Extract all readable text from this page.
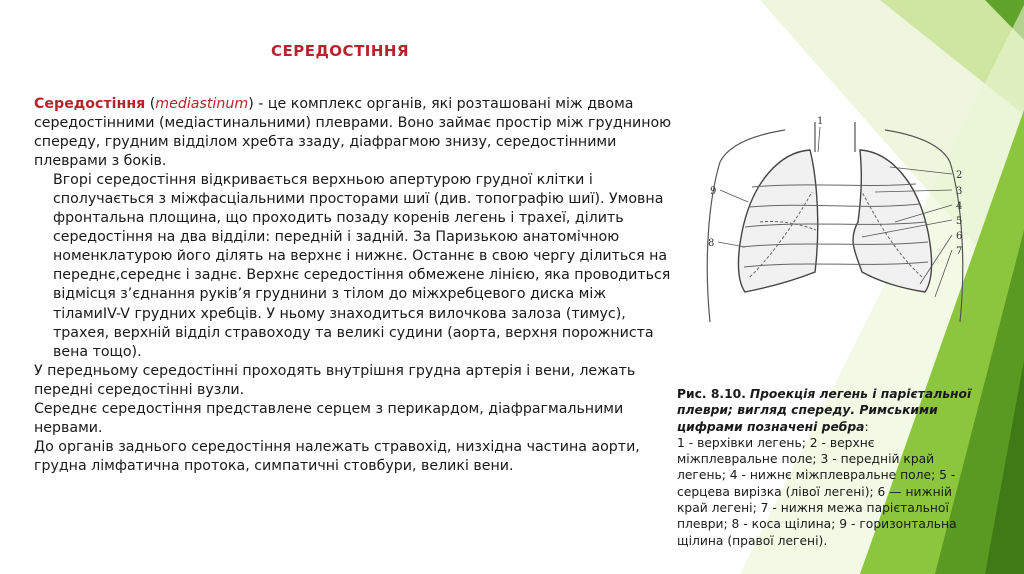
СЕРЕДОСТІННЯ

Середостіння (mediastinum) - це комплекс органів, які розташовані між двома середостінними (медіастинальними) плеврами. Воно займає простір між грудниною спереду, грудним відділом хребта ззаду, діафрагмою знизу, середостінними плеврами з боків.

Вгорі середостіння відкривається верхньою апертурою грудної клітки і сполучається з міжфасціальними просторами шиї (див. топографію шиї). Умовна фронтальна площина, що проходить позаду коренів легень і трахеї, ділить середостіння на два відділи: передній і задній. За Паризькою анатомічною номенклатурою його ділять на верхнє і нижнє. Останнє в свою чергу ділиться на переднє,середнє і заднє. Верхнє середостіння обмежене лінією, яка проводиться відмісця з’єднання руків’я груднини з тілом до міжхребцевого диска між тіламиIV-V грудних хребців. У ньому знаходиться вилочкова залоза (тимус), трахея, верхній відділ стравоходу та великі судини (аорта, верхня порожниста вена тощо).

У передньому середостінні проходять внутрішня грудна артерія і вени, лежать передні середостінні вузли.

Середнє середостіння представлене серцем з перикардом, діафрагмальними нервами.

До органів заднього середостіння належать стравохід, низхідна частина аорти, грудна лімфатична протока, симпатичні стовбури, великі вени.

1
9
8
2
3
4
5
6
7

Рис. 8.10. Проекція легень і парієтальної плеври; вигляд спереду. Римськими цифрами позначені ребра:

1 - верхівки легень; 2 - верхнє міжплевральне поле; 3 - передній край легень; 4 - нижнє міжплевральне поле; 5 - серцева вирізка (лівої легені); 6 — нижній край легені; 7 - нижня межа парієтальної плеври; 8 - коса щілина; 9 - горизонтальна щілина (правої легені).
